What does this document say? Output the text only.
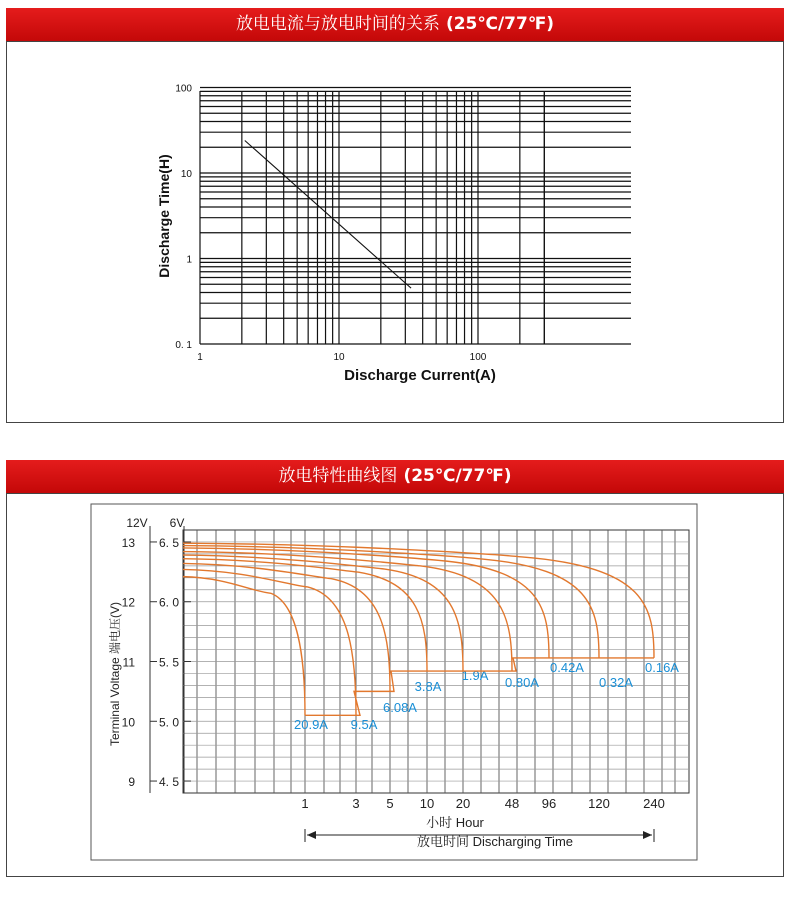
放电电流与放电时间的关系 (25℃/77℉)
1	10	100
100
10
1
0. 1
Discharge Current(A)
Discharge Time(H)
放电特性曲线图 (25℃/77℉)
20.9A 9.5A
6.08A
3.8A
1.9A 0.80A
0.42A
0.32A
0.16A
13 6. 5
12 6. 0
11 5. 5
10 5. 0
9 4. 5
1	3 5 10 20	48 96 120	240
12V 6V
Terminal Voltage 端电压(V)
小时 Hour
放电时间 Discharging Time
